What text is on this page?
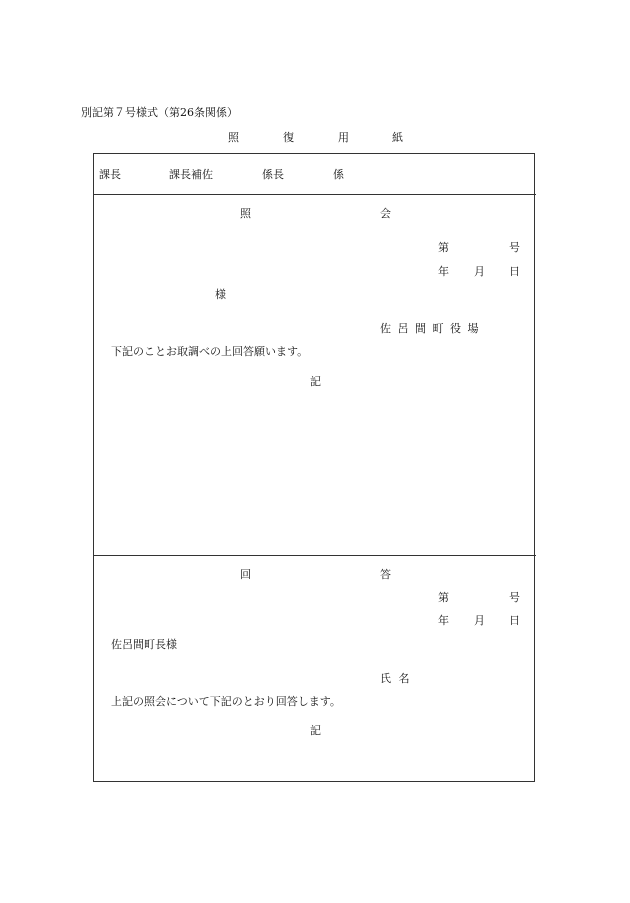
別記第７号様式（第26条関係）
照	復	用	紙
課長	課長補佐	係長	係
照	会
第	号
年 月 日
様
佐 呂 間 町 役 場
下記のことお取調べの上回答願います。
記
回	答
第	号
年 月 日
佐呂間町長様
氏 名
上記の照会について下記のとおり回答します。
記
